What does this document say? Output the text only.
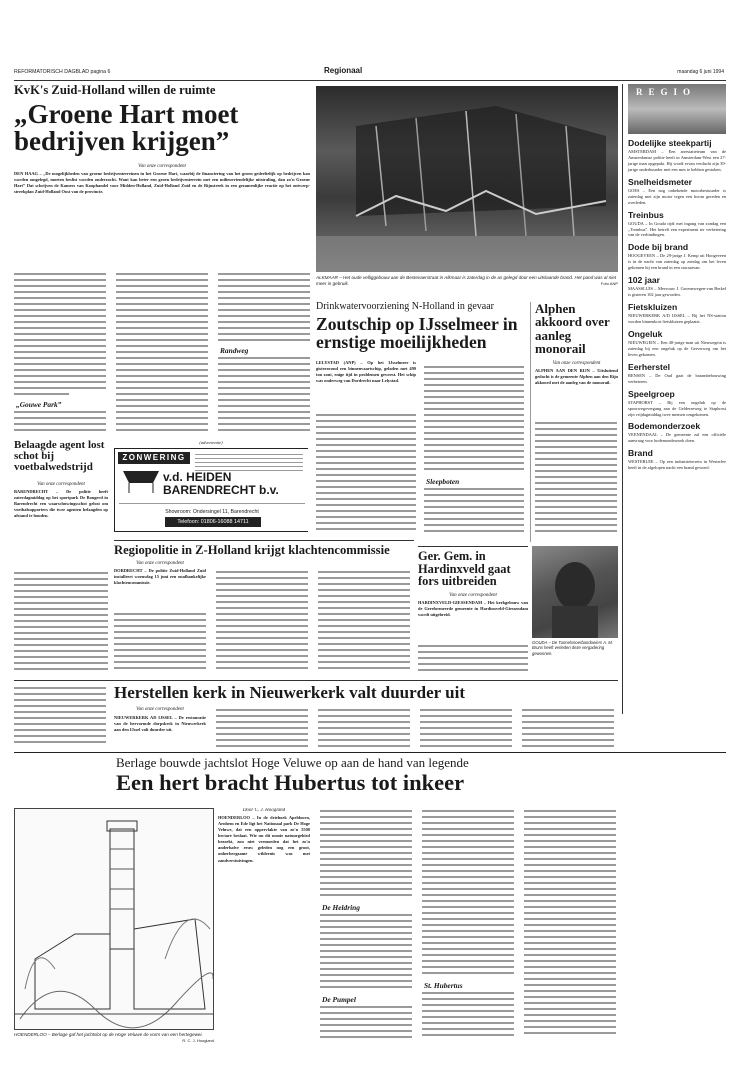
REFORMATORISCH DAGBLAD pagina 6	Regionaal	maandag 6 juni 1994
KvK's Zuid-Holland willen de ruimte
„Groene Hart moet bedrijven krijgen”
Van onze correspondent
DEN HAAG – „De mogelijkheden van groene bedrijventerreinen in het Groene Hart, waarbij de financiering van het groen gedeeltelijk op bedrijven kan worden omgelegd, moeten beslist worden onderzocht. Want kan beter een groen bedrijventerrein met een milieuvriendelijke uitstraling, dan zo'n Groene Hart” Dat schrijven de Kamers van Koophandel voor Midden-Holland, Zuid-Holland Zuid en de Rijnstreek in een gezamenlijke reactie op het ontwerp-streekplan Zuid-Holland Oost van de provincie.
„Gouwe Park”
Randweg
ALKMAAR – Het oude velliggebouw aan de Bestevaerstraat in Alkmaar is zaterdag in de as gelegd door een uitslaande brand. Het pand was al niet meer in gebruik.	Foto ANP
REGIO
Dodelijke steekpartij

AMSTERDAM – Een arrestatieteam van de Amsterdamse politie heeft in Amsterdam-West een 27-jarige man opgepakt. Hij wordt ervan verdacht zijn 39-jarige onderhuurder met een mes te hebben gestoken.

Snelheidsmeter

GOES – Een nog onbekende motorbestuurder is zaterdag met zijn motor tegen een boom gereden en overleden.

Treinbus

GOUDA – In Gouda rijdt met ingang van zondag een „Treinbus”. Het betreft een experiment ter verbetering van de verbindingen.

Dode bij brand

HOOGEVEEN – De 29-jarige J. Kemp uit Hoogeveen is in de nacht van zaterdag op zondag om het leven gekomen bij een brand in een stacaravan.

102 jaar

MAASSLUIS – Mevrouw J. Groenewegen-van Berkel is gisteren 102 jaar geworden.

Fietskluizen

NIEUWERKERK A/D IJSSEL – Bij het NS-station worden binnenkort fietskluizen geplaatst.

Ongeluk

NIEUWEGEIN – Een 48-jarige man uit Nieuwegein is zaterdag bij een ongeluk op de Gerverweg om het leven gekomen.

Eerherstel

RENSEN – De Oud gaat de braambebouwing verbeteren.

Speelgroep

STAPHORST – Bij een ongeluk op de spoorwegovergang aan de Gelderseweg te Staphorst zijn vrijdagmiddag twee mensen omgekomen.

Bodemonderzoek

VEENENDAAL – De gemeente zal een officiële aanvraag voor bodemonderzoek doen.

Brand

WESTERLEE – Op een industrieterrein in Westerlee heeft in de afgelopen nacht een brand gewoed.

Drinkwatervoorziening N-Holland in gevaar
Zoutschip op IJsselmeer in ernstige moeilijkheden
LELYSTAD (ANP) – Op het IJsselmeer is gisteravond een binnenvaartschip, geladen met 499 ton zout, enige tijd in problemen geweest. Het schip was onderweg van Dordrecht naar Lelystad.
Sleepboten
Alphen akkoord over aanleg monorail
Van onze correspondent
ALPHEN AAN DEN RIJN – Uitsluitend gedacht is de gemeente Alphen aan den Rijn akkoord met de aanleg van de monorail.
Belaagde agent lost schot bij voetbalwedstrijd
Van onze correspondent
BARENDRECHT – De politie heeft zaterdagmiddag op het sportpark De Bongerd in Barendrecht een waarschuwingsschot gelost om voetbalsupporters die twee agenten belaagden op afstand te houden.
(advertentie)
ZONWERING
v.d. HEIDEN BARENDRECHT b.v.
Showroom: Ondersingel 11, Barendrecht
Telefoon: 01806-16088 14711
Regiopolitie in Z-Holland krijgt klachtencommissie
Van onze correspondent
DORDRECHT – De politie Zuid-Holland Zuid installeert woensdag 15 juni een onafhankelijke klachtencommissie.
Ger. Gem. in Hardinxveld gaat fors uitbreiden
Van onze correspondent
HARDINXVELD-GIESSENDAM – Het kerkgebouw van de Gereformeerde gemeente in Hardinxveld-Giessendam wordt uitgebreid.
GOUDA – De Tunnelsnoerbandoeiers A. M. Bruns heeft verleden deze vergadering gewonnen.
Herstellen kerk in Nieuwerkerk valt duurder uit
Van onze correspondent
NIEUWERKERK AD IJSSEL – De restauratie van de hervormde dorpskerk in Nieuwerkerk aan den IJssel valt duurder uit.
Berlage bouwde jachtslot Hoge Veluwe op aan de hand van legende
Een hert bracht Hubertus tot inkeer
HOENDERLOO – Berlage gaf het jachtslot op de Hoge Veluwe de vorm van een hertegewei.
R. C. J. Hoogland
Door C. J. Hoogland
HOENDERLOO – In de driehoek Apeldoorn, Arnhem en Ede ligt het Nationaal park De Hoge Veluwe, dat een oppervlakte van zo'n 5500 hectare beslaat. Wie nu dit mooie natuurgebied bezoekt, zou niet vermoeden dat het zo'n anderhalve eeuw geleden nog een groot, onherbergzame wildernis was met zandverstuivingen.
De Heldring
De Pumpel
St. Hubertus
